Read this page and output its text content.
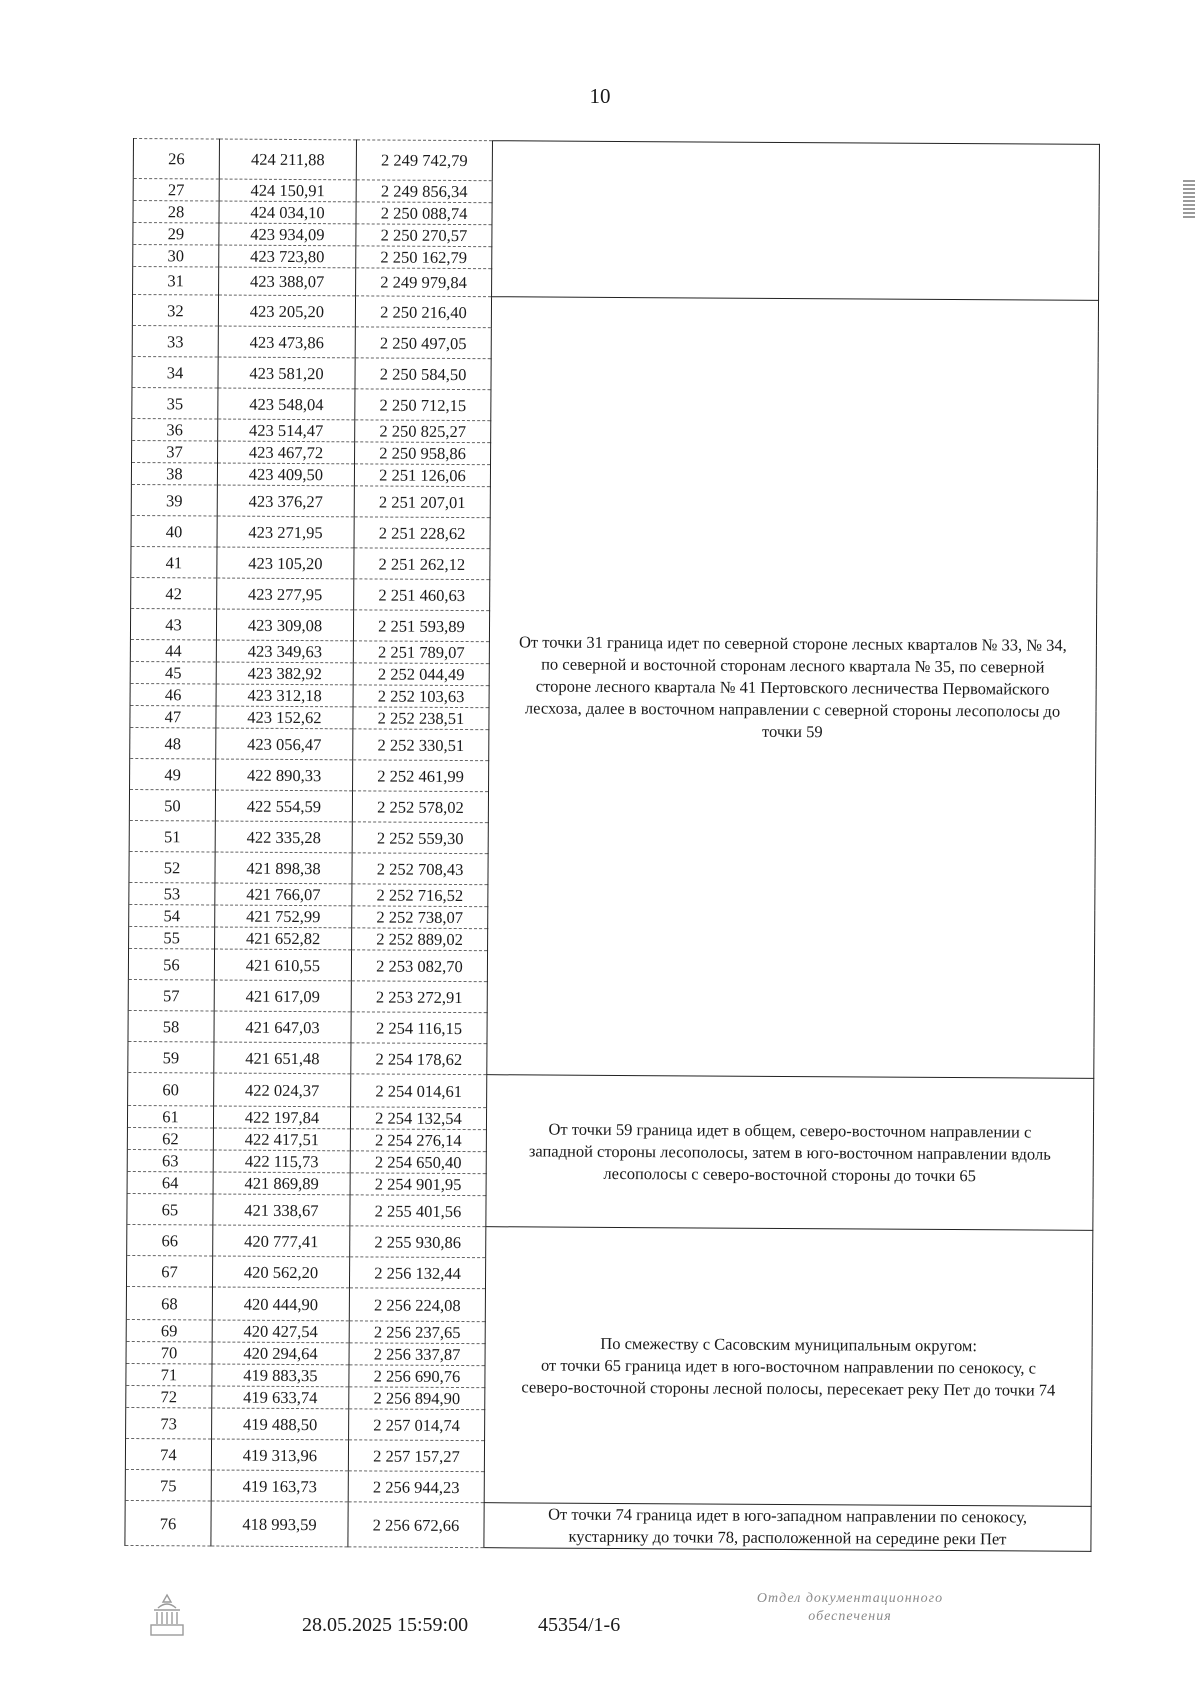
10
26	424 211,88	2 249 742,79	
27	424 150,91	2 249 856,34	
28	424 034,10	2 250 088,74	
29	423 934,09	2 250 270,57	
30	423 723,80	2 250 162,79	
31	423 388,07	2 249 979,84	
32	423 205,20	2 250 216,40	От точки 31 граница идет по северной стороне лесных кварталов № 33, № 34,
по северной и восточной сторонам лесного квартала № 35, по северной
стороне лесного квартала № 41 Пертовского лесничества Первомайского
лесхоза, далее в восточном направлении с северной стороны лесополосы до
точки 59

33	423 473,86	2 250 497,05	
34	423 581,20	2 250 584,50	
35	423 548,04	2 250 712,15	
36	423 514,47	2 250 825,27	
37	423 467,72	2 250 958,86	
38	423 409,50	2 251 126,06	
39	423 376,27	2 251 207,01	
40	423 271,95	2 251 228,62	
41	423 105,20	2 251 262,12	
42	423 277,95	2 251 460,63	
43	423 309,08	2 251 593,89	
44	423 349,63	2 251 789,07	
45	423 382,92	2 252 044,49	
46	423 312,18	2 252 103,63	
47	423 152,62	2 252 238,51	
48	423 056,47	2 252 330,51	
49	422 890,33	2 252 461,99	
50	422 554,59	2 252 578,02	
51	422 335,28	2 252 559,30	
52	421 898,38	2 252 708,43	
53	421 766,07	2 252 716,52	
54	421 752,99	2 252 738,07	
55	421 652,82	2 252 889,02	
56	421 610,55	2 253 082,70	
57	421 617,09	2 253 272,91	
58	421 647,03	2 254 116,15	
59	421 651,48	2 254 178,62	
60	422 024,37	2 254 014,61	От точки 59 граница идет в общем, северо-восточном направлении с
западной стороны лесополосы, затем в юго-восточном направлении вдоль
лесополосы с северо-восточной стороны до точки 65

61	422 197,84	2 254 132,54	
62	422 417,51	2 254 276,14	
63	422 115,73	2 254 650,40	
64	421 869,89	2 254 901,95	
65	421 338,67	2 255 401,56	
66	420 777,41	2 255 930,86	По смежеству с Сасовским муниципальным округом:
от точки 65 граница идет в юго-восточном направлении по сенокосу, с
северо-восточной стороны лесной полосы, пересекает реку Пет до точки 74

67	420 562,20	2 256 132,44	
68	420 444,90	2 256 224,08	
69	420 427,54	2 256 237,65	
70	420 294,64	2 256 337,87	
71	419 883,35	2 256 690,76	
72	419 633,74	2 256 894,90	
73	419 488,50	2 257 014,74	
74	419 313,96	2 257 157,27	
75	419 163,73	2 256 944,23	
76	418 993,59	2 256 672,66	От точки 74 граница идет в юго-западном направлении по сенокосу,
кустарнику до точки 78, расположенной на середине реки Пет
28.05.2025 15:59:00	45354/1-6
Отдел документационного
обеспечения
